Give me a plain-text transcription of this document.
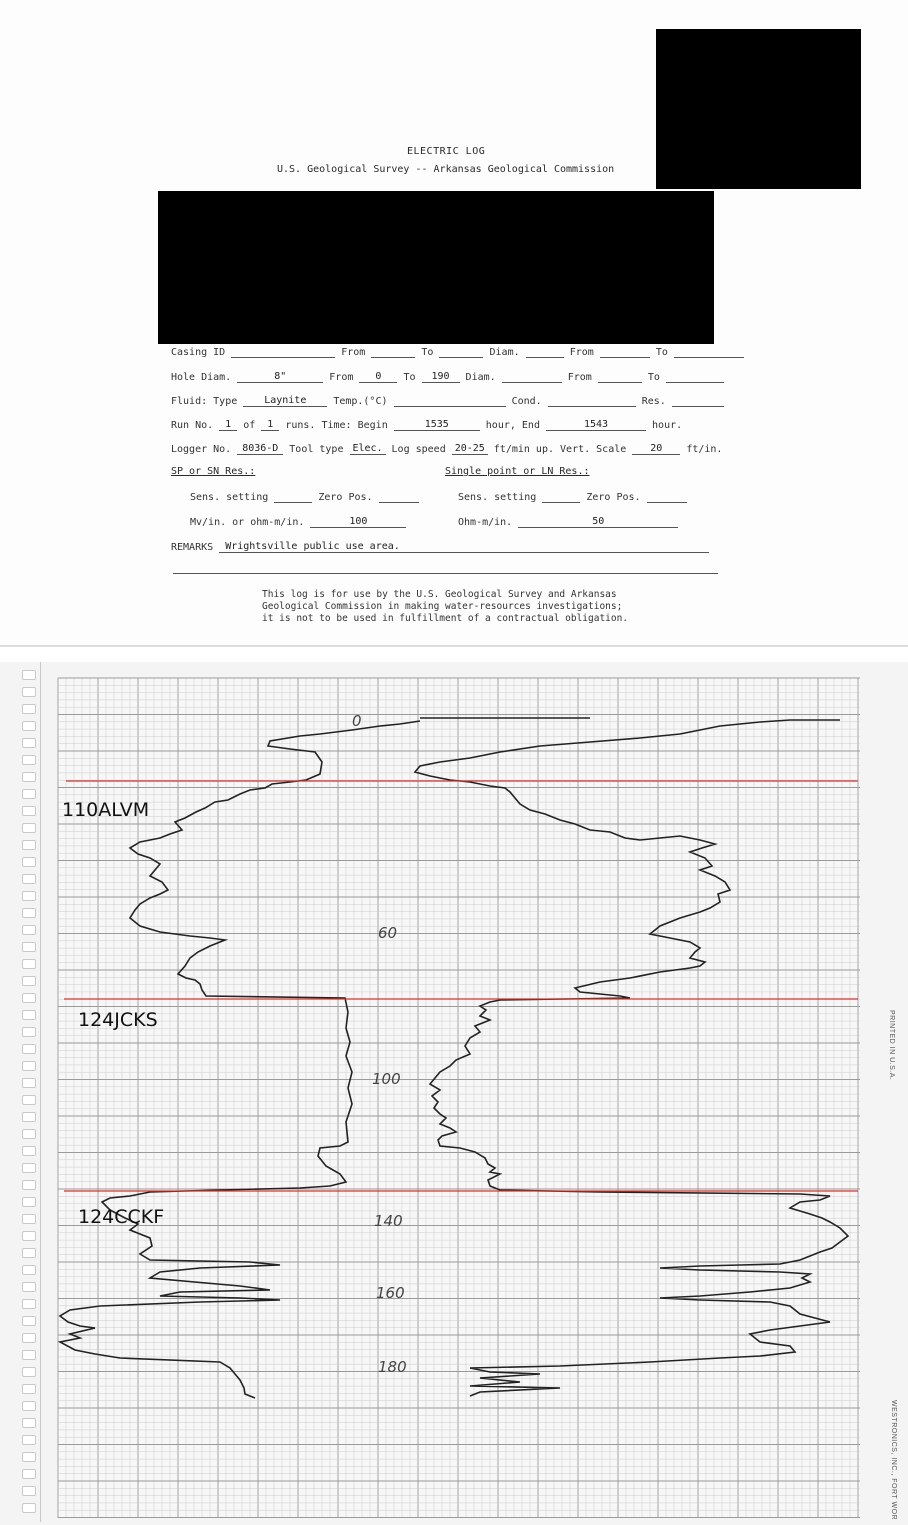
ELECTRIC LOG
U.S. Geological Survey -- Arkansas Geological Commission
Casing ID	From	To	Diam.	From	To
Hole Diam.	8"	From 0 To 190 Diam.	From	To
Fluid: Type	Laynite	Temp.(°C)	Cond.	Res.
Run No. 1 of 1 runs. Time: Begin	1535	hour, End	1543	hour.
Logger No. 8036-D Tool type Elec. Log speed 20-25 ft/min up. Vert. Scale 20 ft/in.
SP or SN Res.:	Single point or LN Res.:
Sens. setting	Zero Pos.	Sens. setting	Zero Pos.
Mv/in. or ohm-m/in.	100	Ohm-m/in.	50
REMARKS Wrightsville public use area.
This log is for use by the U.S. Geological Survey and Arkansas
Geological Commission in making water-resources investigations;
it is not to be used in fulfillment of a contractual obligation.
0
60
100
140
160
180
110ALVM
124JCKS
124CCKF
PRINTED IN U.S.A.
WESTRONICS, INC., FORT WOR
